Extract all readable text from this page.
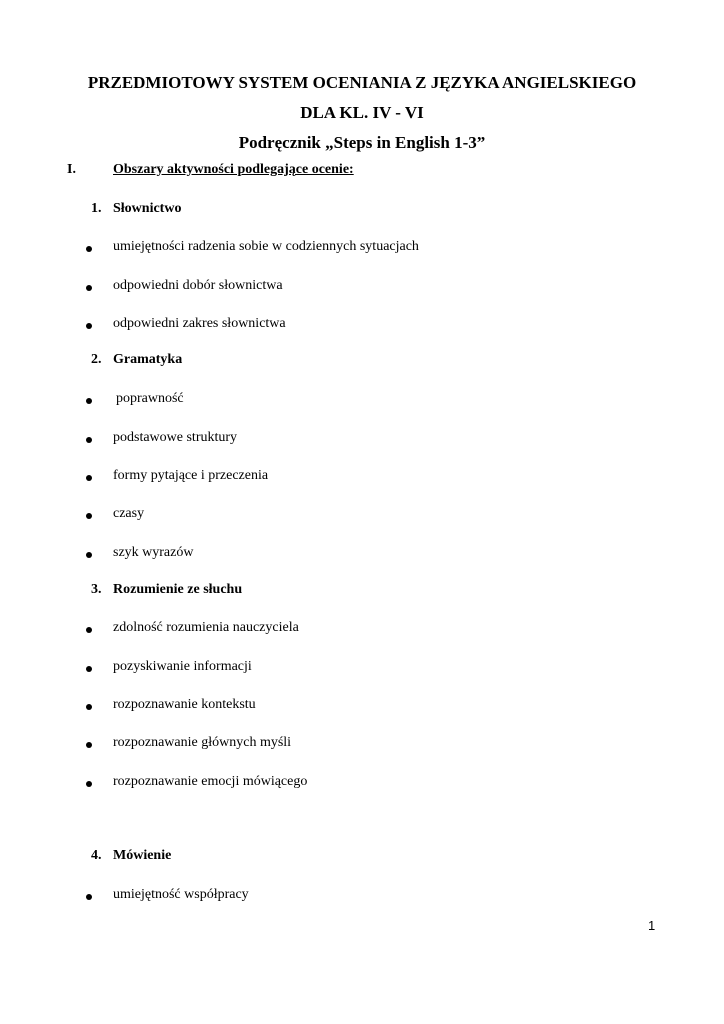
PRZEDMIOTOWY SYSTEM OCENIANIA Z JĘZYKA ANGIELSKIEGO
DLA KL. IV - VI
Podręcznik „Steps in English 1-3”
I.	Obszary aktywności podlegające ocenie:
1. Słownictwo
umiejętności radzenia sobie w codziennych sytuacjach
odpowiedni dobór słownictwa
odpowiedni zakres słownictwa
2. Gramatyka
poprawność
podstawowe struktury
formy pytające i przeczenia
czasy
szyk wyrazów
3. Rozumienie ze słuchu
zdolność rozumienia nauczyciela
pozyskiwanie informacji
rozpoznawanie kontekstu
rozpoznawanie głównych myśli
rozpoznawanie emocji mówiącego
4. Mówienie
umiejętność współpracy
1
